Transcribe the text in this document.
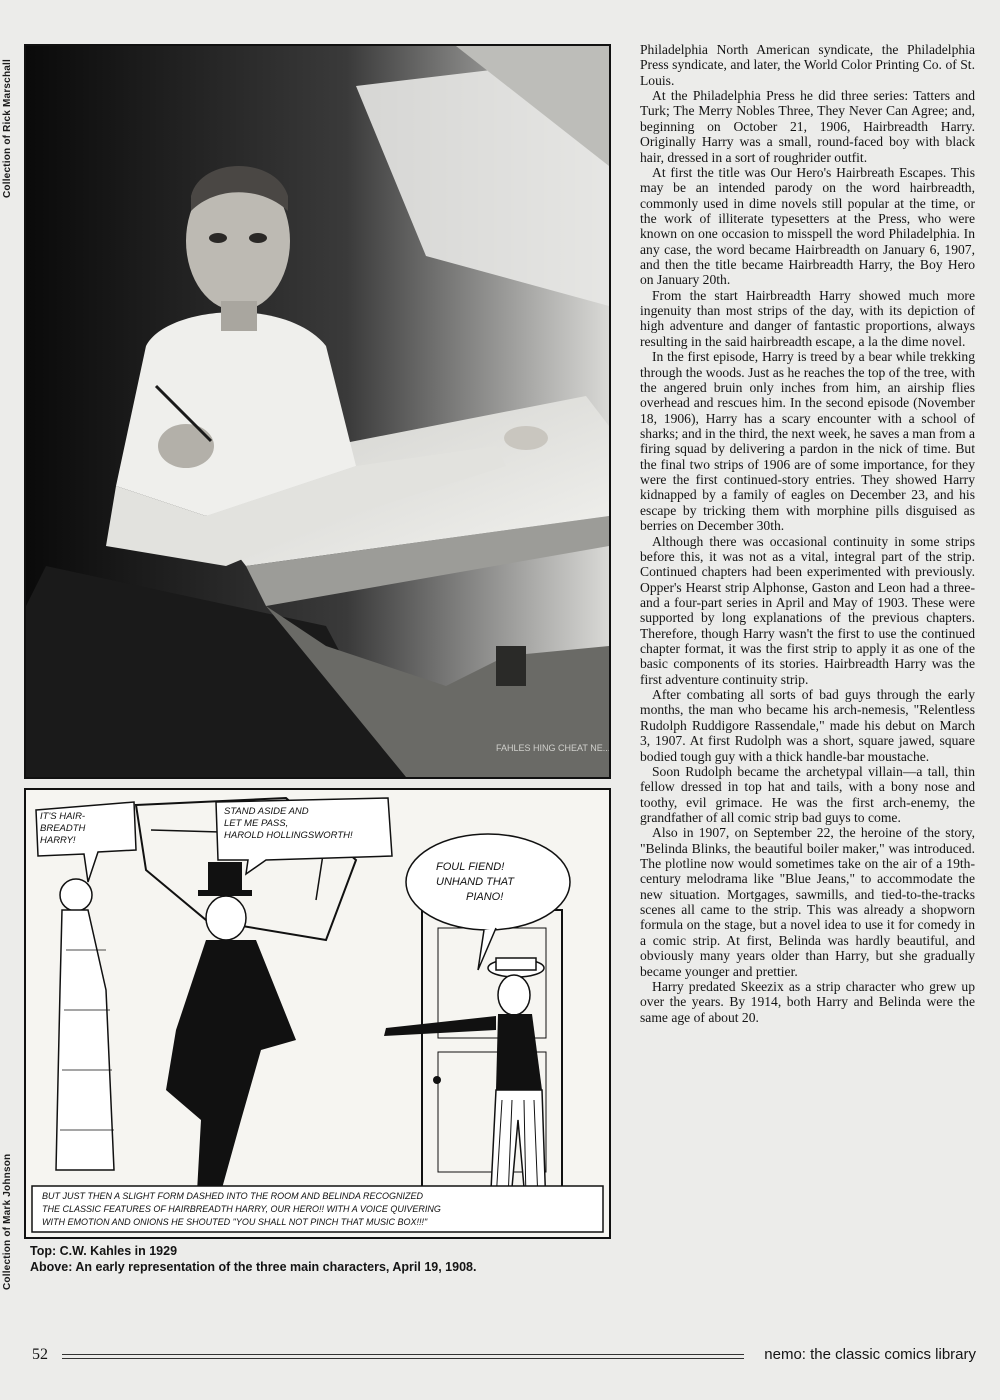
Collection of Rick Marschall
Collection of Mark Johnson
FAHLES HING CHEAT NE...
IT'S HAIR-BREADTH HARRY!
STAND ASIDE AND LET ME PASS, HAROLD HOLLINGSWORTH!
FOUL FIEND! UNHAND THAT PIANO!
BUT JUST THEN A SLIGHT FORM DASHED INTO THE ROOM AND BELINDA RECOGNIZED THE CLASSIC FEATURES OF HAIRBREADTH HARRY, OUR HERO!! WITH A VOICE QUIVERING WITH EMOTION AND ONIONS HE SHOUTED "YOU SHALL NOT PINCH THAT MUSIC BOX!!!"

Top: C.W. Kahles in 1929

Above: An early representation of the three main characters, April 19, 1908.

Philadelphia North American syndicate, the Philadelphia Press syndicate, and later, the World Color Printing Co. of St. Louis.

At the Philadelphia Press he did three series: Tatters and Turk; The Merry Nobles Three, They Never Can Agree; and, beginning on October 21, 1906, Hairbreadth Harry. Originally Harry was a small, round-faced boy with black hair, dressed in a sort of roughrider outfit.

At first the title was Our Hero's Hairbreath Escapes. This may be an intended parody on the word hairbreadth, commonly used in dime novels still popular at the time, or the work of illiterate typesetters at the Press, who were known on one occasion to misspell the word Philadelphia. In any case, the word became Hairbreadth on January 6, 1907, and then the title became Hairbreadth Harry, the Boy Hero on January 20th.

From the start Hairbreadth Harry showed much more ingenuity than most strips of the day, with its depiction of high adventure and danger of fantastic proportions, always resulting in the said hairbreadth escape, a la the dime novel.

In the first episode, Harry is treed by a bear while trekking through the woods. Just as he reaches the top of the tree, with the angered bruin only inches from him, an airship flies overhead and rescues him. In the second episode (November 18, 1906), Harry has a scary encounter with a school of sharks; and in the third, the next week, he saves a man from a firing squad by delivering a pardon in the nick of time. But the final two strips of 1906 are of some importance, for they were the first continued-story entries. They showed Harry kidnapped by a family of eagles on December 23, and his escape by tricking them with morphine pills disguised as berries on December 30th.

Although there was occasional continuity in some strips before this, it was not as a vital, integral part of the strip. Continued chapters had been experimented with previously. Opper's Hearst strip Alphonse, Gaston and Leon had a three-and a four-part series in April and May of 1903. These were supported by long explanations of the previous chapters. Therefore, though Harry wasn't the first to use the continued chapter format, it was the first strip to apply it as one of the basic components of its stories. Hairbreadth Harry was the first adventure continuity strip.

After combating all sorts of bad guys through the early months, the man who became his arch-nemesis, "Relentless Rudolph Ruddigore Rassendale," made his debut on March 3, 1907. At first Rudolph was a short, square jawed, square bodied tough guy with a thick handle-bar moustache.

Soon Rudolph became the archetypal villain—a tall, thin fellow dressed in top hat and tails, with a bony nose and toothy, evil grimace. He was the first arch-enemy, the grandfather of all comic strip bad guys to come.

Also in 1907, on September 22, the heroine of the story, "Belinda Blinks, the beautiful boiler maker," was introduced. The plotline now would sometimes take on the air of a 19th-century melodrama like "Blue Jeans," to accommodate the new situation. Mortgages, sawmills, and tied-to-the-tracks scenes all came to the strip. This was already a shopworn formula on the stage, but a novel idea to use it for comedy in a comic strip. At first, Belinda was hardly beautiful, and obviously many years older than Harry, but she gradually became younger and prettier.

Harry predated Skeezix as a strip character who grew up over the years. By 1914, both Harry and Belinda were the same age of about 20.

52	nemo: the classic comics library
